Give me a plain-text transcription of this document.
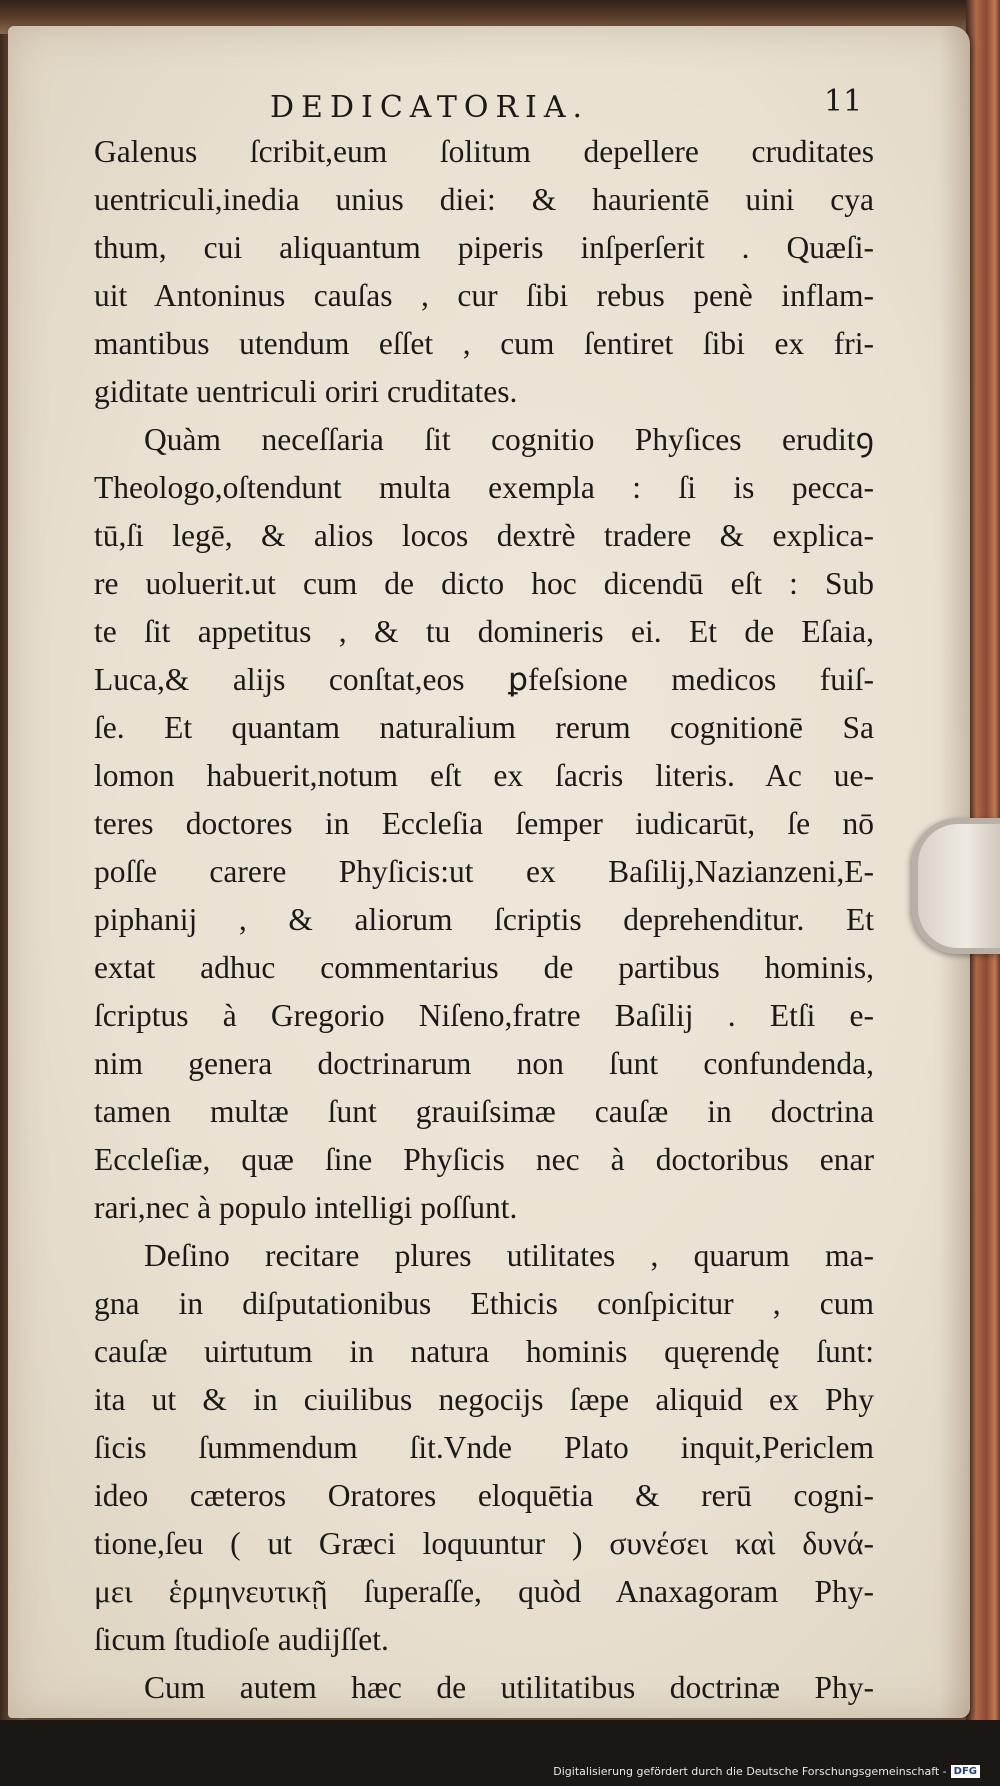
DEDICATORIA.	11
Galenus ſcribit,eum ſolitum depellere cruditates
uentriculi,inedia unius diei: & haurientē uini cya
thum, cui aliquantum piperis inſperſerit . Quæſi-
uit Antoninus cauſas , cur ſibi rebus penè inflam-
mantibus utendum eſſet , cum ſentiret ſibi ex fri-
giditate uentriculi oriri cruditates.
Quàm neceſſaria ſit cognitio Phyſices eruditꝯ
Theologo,oſtendunt multa exempla : ſi is pecca-
tū,ſi legē, & alios locos dextrè tradere & explica-
re uoluerit.ut cum de dicto hoc dicendū eſt : Sub
te ſit appetitus , & tu domineris ei. Et de Eſaia,
Luca,& alijs conſtat,eos ꝑfeſsione medicos fuiſ-
ſe. Et quantam naturalium rerum cognitionē Sa
lomon habuerit,notum eſt ex ſacris literis. Ac ue-
teres doctores in Eccleſia ſemper iudicarūt, ſe nō
poſſe carere Phyſicis:ut ex Baſilij,Nazianzeni,E-
piphanij , & aliorum ſcriptis deprehenditur. Et
extat adhuc commentarius de partibus hominis,
ſcriptus à Gregorio Niſeno,fratre Baſilij . Etſi e-
nim genera doctrinarum non ſunt confundenda,
tamen multæ ſunt grauiſsimæ cauſæ in doctrina
Eccleſiæ, quæ ſine Phyſicis nec à doctoribus enar
rari,nec à populo intelligi poſſunt.
Deſino recitare plures utilitates , quarum ma-
gna in diſputationibus Ethicis conſpicitur , cum
cauſæ uirtutum in natura hominis quęrendę ſunt:
ita ut & in ciuilibus negocijs ſæpe aliquid ex Phy
ſicis ſummendum ſit.Vnde Plato inquit,Periclem
ideo cæteros Oratores eloquētia & rerū cogni-
tione,ſeu ( ut Græci loquuntur ) συνέσει καὶ δυνά-
μει ἑρμηνευτικῇ ſuperaſſe, quòd Anaxagoram Phy-
ſicum ſtudioſe audijſſet.
Cum autem hæc de utilitatibus doctrinæ Phy-
Digitalisierung gefördert durch die Deutsche Forschungsgemeinschaft - DFG
